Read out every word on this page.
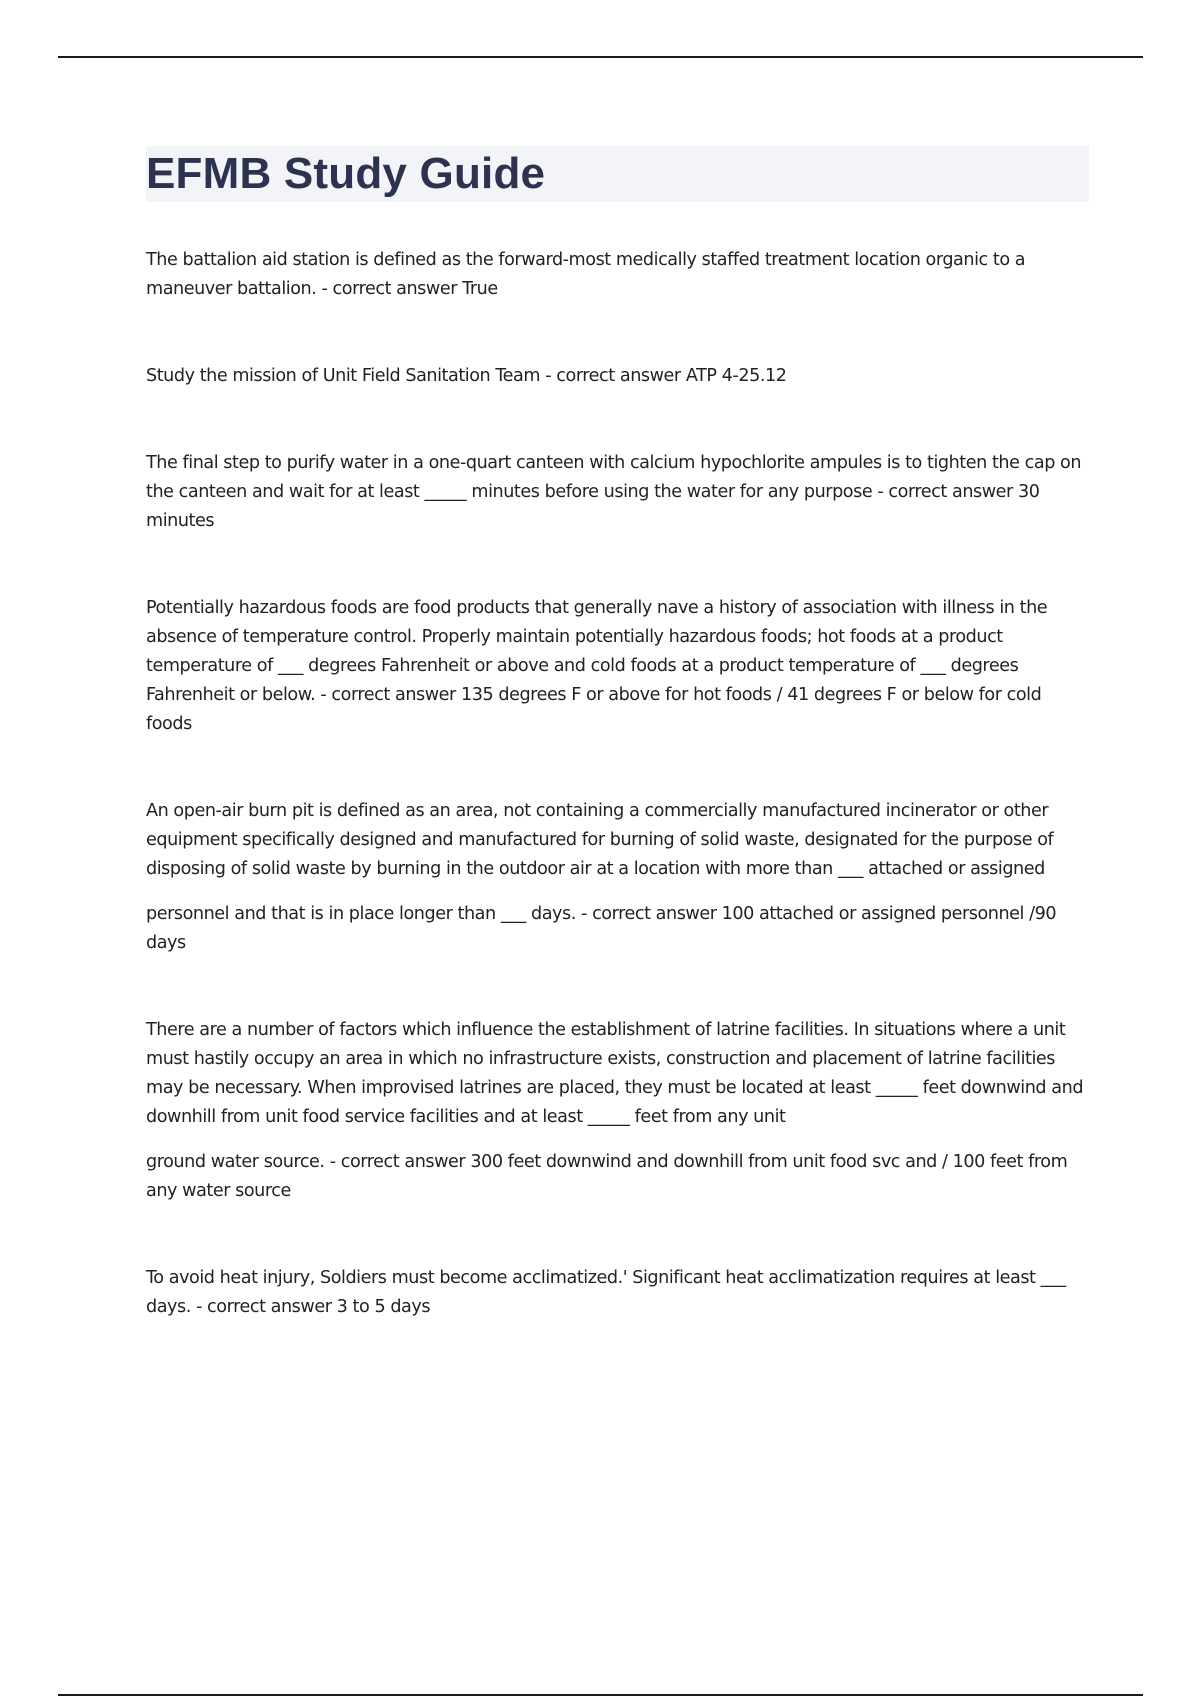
EFMB Study Guide

The battalion aid station is defined as the forward-most medically staffed treatment location organic to a maneuver battalion. - correct answer True

Study the mission of Unit Field Sanitation Team - correct answer ATP 4-25.12

The final step to purify water in a one-quart canteen with calcium hypochlorite ampules is to tighten the cap on the canteen and wait for at least _____ minutes before using the water for any purpose - correct answer 30 minutes

Potentially hazardous foods are food products that generally nave a history of association with illness in the absence of temperature control. Properly maintain potentially hazardous foods; hot foods at a product temperature of ___ degrees Fahrenheit or above and cold foods at a product temperature of ___ degrees Fahrenheit or below. - correct answer 135 degrees F or above for hot foods / 41 degrees F or below for cold foods

An open-air burn pit is defined as an area, not containing a commercially manufactured incinerator or other equipment specifically designed and manufactured for burning of solid waste, designated for the purpose of disposing of solid waste by burning in the outdoor air at a location with more than ___ attached or assigned

personnel and that is in place longer than ___ days. - correct answer 100 attached or assigned personnel /90 days

There are a number of factors which influence the establishment of latrine facilities. In situations where a unit must hastily occupy an area in which no infrastructure exists, construction and placement of latrine facilities may be necessary. When improvised latrines are placed, they must be located at least _____ feet downwind and downhill from unit food service facilities and at least _____ feet from any unit

ground water source. - correct answer 300 feet downwind and downhill from unit food svc and / 100 feet from any water source

To avoid heat injury, Soldiers must become acclimatized.' Significant heat acclimatization requires at least ___ days. - correct answer 3 to 5 days
